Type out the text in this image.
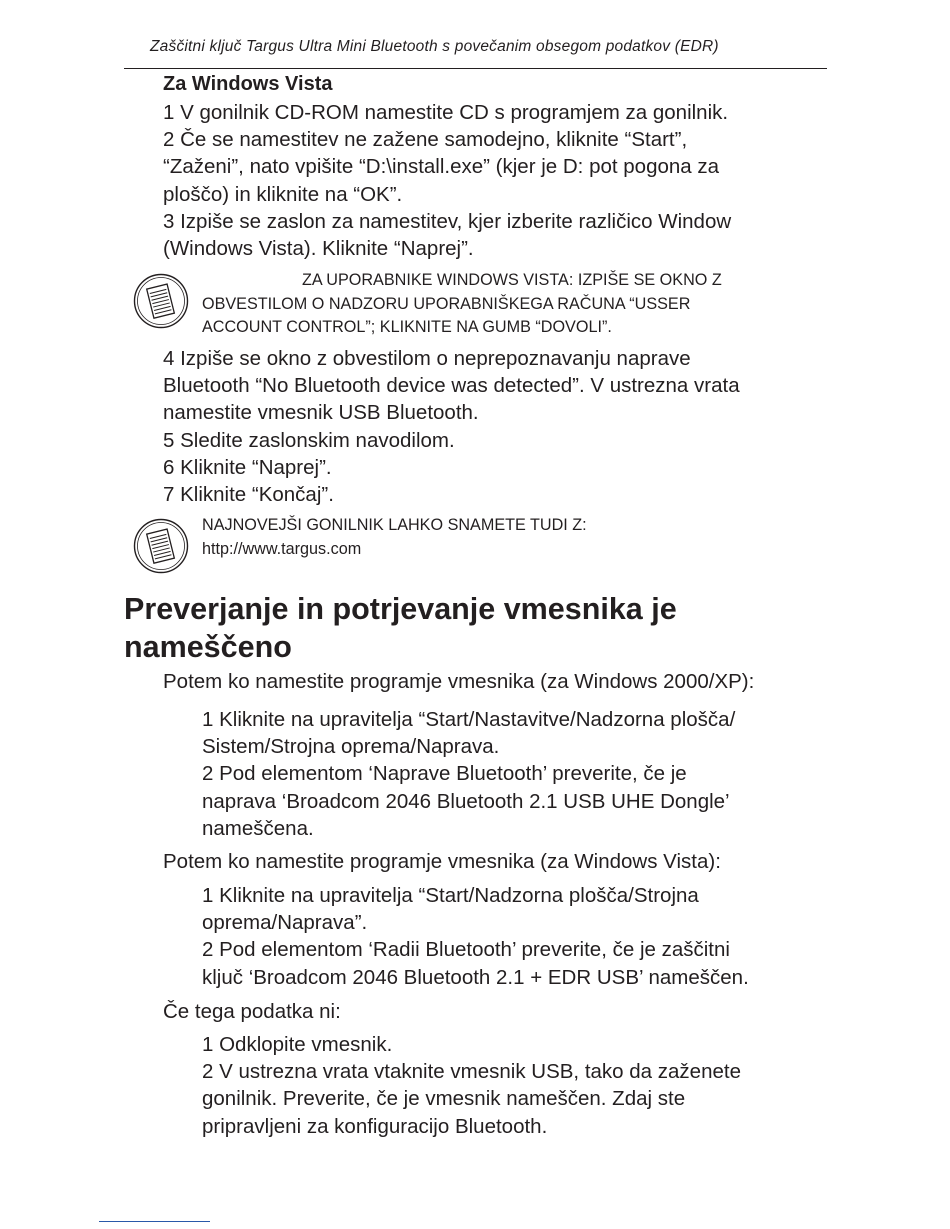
Zaščitni ključ Targus Ultra Mini Bluetooth s povečanim obsegom podatkov (EDR)
Za Windows Vista
1 V gonilnik CD-ROM namestite CD s programjem za gonilnik.
2 Če se namestitev ne zažene samodejno, kliknite “Start”,
“Zaženi”, nato vpišite “D:\install.exe” (kjer je D: pot pogona za
ploščo) in kliknite na “OK”.
3 Izpiše se zaslon za namestitev, kjer izberite različico Window
(Windows Vista). Kliknite “Naprej”.
ZA UPORABNIKE WINDOWS VISTA: IZPIŠE SE OKNO Z
OBVESTILOM O NADZORU UPORABNIŠKEGA RAČUNA “USSER
ACCOUNT CONTROL”; KLIKNITE NA GUMB “DOVOLI”.
4 Izpiše se okno z obvestilom o neprepoznavanju naprave
Bluetooth “No Bluetooth device was detected”. V ustrezna vrata
namestite vmesnik USB Bluetooth.
5 Sledite zaslonskim navodilom.
6 Kliknite “Naprej”.
7 Kliknite “Končaj”.
NAJNOVEJŠI GONILNIK LAHKO SNAMETE TUDI Z:
http://www.targus.com
Preverjanje in potrjevanje vmesnika je
nameščeno
Potem ko namestite programje vmesnika (za Windows 2000/XP):
1 Kliknite na upravitelja “Start/Nastavitve/Nadzorna plošča/
Sistem/Strojna oprema/Naprava.
2 Pod elementom ‘Naprave Bluetooth’ preverite, če je
naprava ‘Broadcom 2046 Bluetooth 2.1 USB UHE Dongle’
nameščena.
Potem ko namestite programje vmesnika (za Windows Vista):
1 Kliknite na upravitelja “Start/Nadzorna plošča/Strojna
oprema/Naprava”.
2 Pod elementom ‘Radii Bluetooth’ preverite, če je zaščitni
ključ ‘Broadcom 2046 Bluetooth 2.1 + EDR USB’ nameščen.
Če tega podatka ni:
1 Odklopite vmesnik.
2 V ustrezna vrata vtaknite vmesnik USB, tako da zaženete
gonilnik. Preverite, če je vmesnik nameščen. Zdaj ste
pripravljeni za konfiguracijo Bluetooth.
